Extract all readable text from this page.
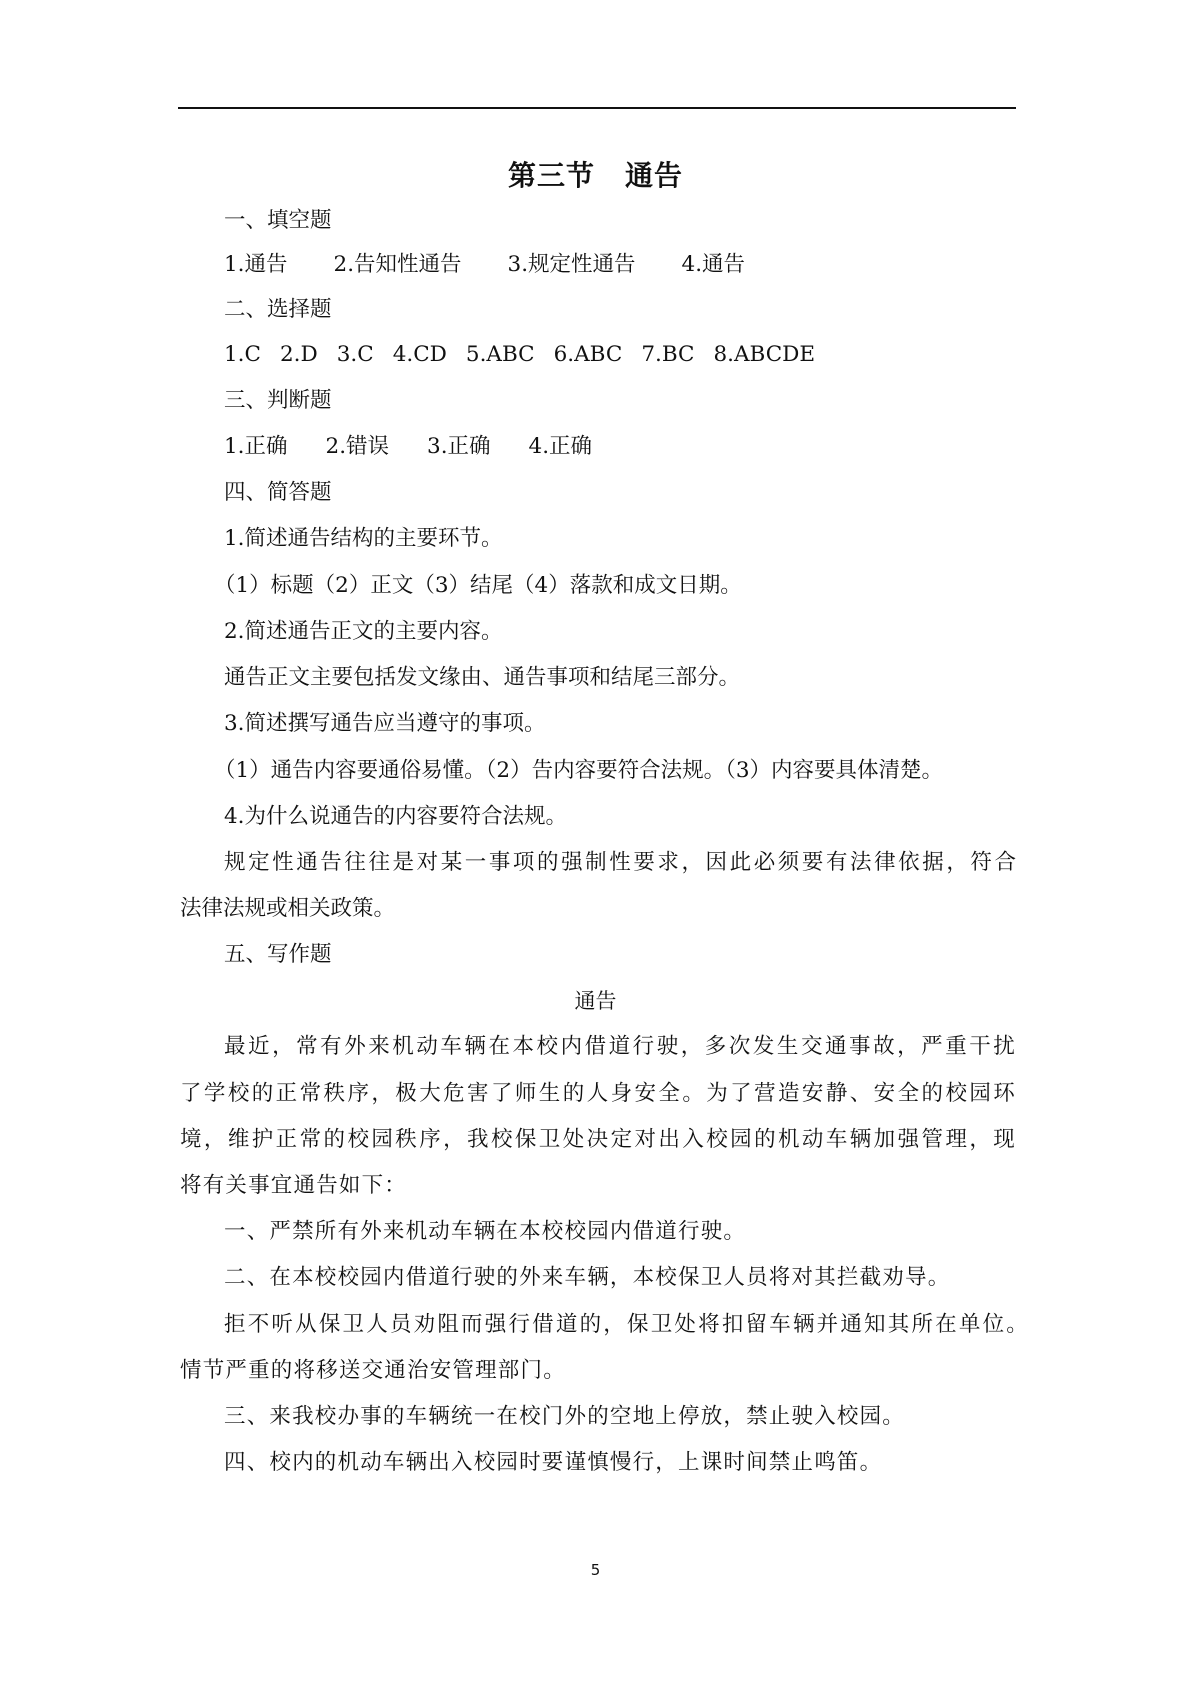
第三节 通告
一、填空题
1.通告 2.告知性通告 3.规定性通告 4.通告
二、选择题
1.C 2.D 3.C 4.CD 5.ABC 6.ABC 7.BC 8.ABCDE
三、判断题
1.正确 2.错误 3.正确 4.正确
四、简答题
1.简述通告结构的主要环节。
（1）标题（2）正文（3）结尾（4）落款和成文日期。
2.简述通告正文的主要内容。
通告正文主要包括发文缘由、通告事项和结尾三部分。
3.简述撰写通告应当遵守的事项。
（1）通告内容要通俗易懂。（2）告内容要符合法规。（3）内容要具体清楚。
4.为什么说通告的内容要符合法规。
规定性通告往往是对某一事项的强制性要求，因此必须要有法律依据，符合
法律法规或相关政策。
五、写作题
通告
最近，常有外来机动车辆在本校内借道行驶，多次发生交通事故，严重干扰
了学校的正常秩序，极大危害了师生的人身安全。为了营造安静、安全的校园环
境，维护正常的校园秩序，我校保卫处决定对出入校园的机动车辆加强管理，现
将有关事宜通告如下：
一、严禁所有外来机动车辆在本校校园内借道行驶。
二、在本校校园内借道行驶的外来车辆，本校保卫人员将对其拦截劝导。
拒不听从保卫人员劝阻而强行借道的，保卫处将扣留车辆并通知其所在单位。
情节严重的将移送交通治安管理部门。
三、来我校办事的车辆统一在校门外的空地上停放，禁止驶入校园。
四、校内的机动车辆出入校园时要谨慎慢行，上课时间禁止鸣笛。
5
